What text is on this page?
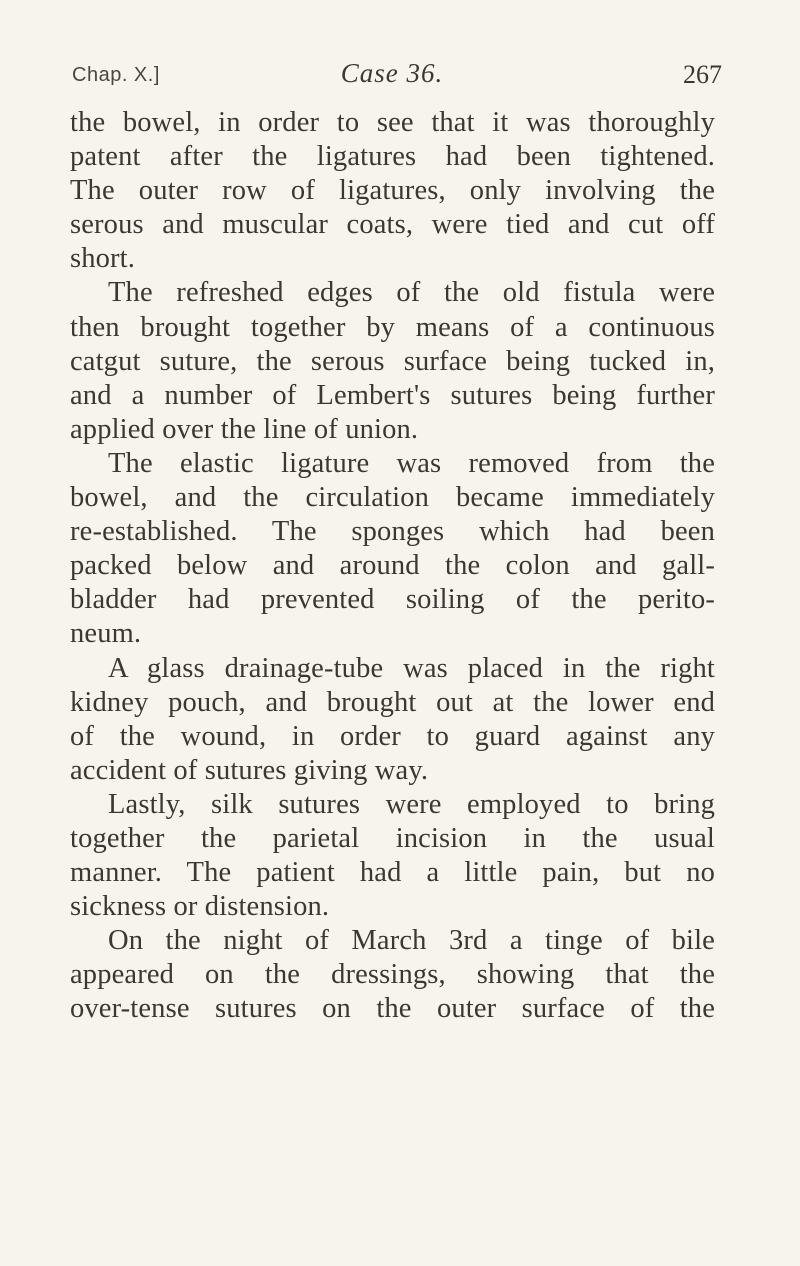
Chap. X.]	Case 36.	267
the bowel, in order to see that it was thoroughly
patent after the ligatures had been tightened.
The outer row of ligatures, only involving the
serous and muscular coats, were tied and cut off
short.
The refreshed edges of the old fistula were
then brought together by means of a continuous
catgut suture, the serous surface being tucked in,
and a number of Lembert's sutures being further
applied over the line of union.
The elastic ligature was removed from the
bowel, and the circulation became immediately
re-established. The sponges which had been
packed below and around the colon and gall-
bladder had prevented soiling of the perito-
neum.
A glass drainage-tube was placed in the right
kidney pouch, and brought out at the lower end
of the wound, in order to guard against any
accident of sutures giving way.
Lastly, silk sutures were employed to bring
together the parietal incision in the usual
manner. The patient had a little pain, but no
sickness or distension.
On the night of March 3rd a tinge of bile
appeared on the dressings, showing that the
over-tense sutures on the outer surface of the
